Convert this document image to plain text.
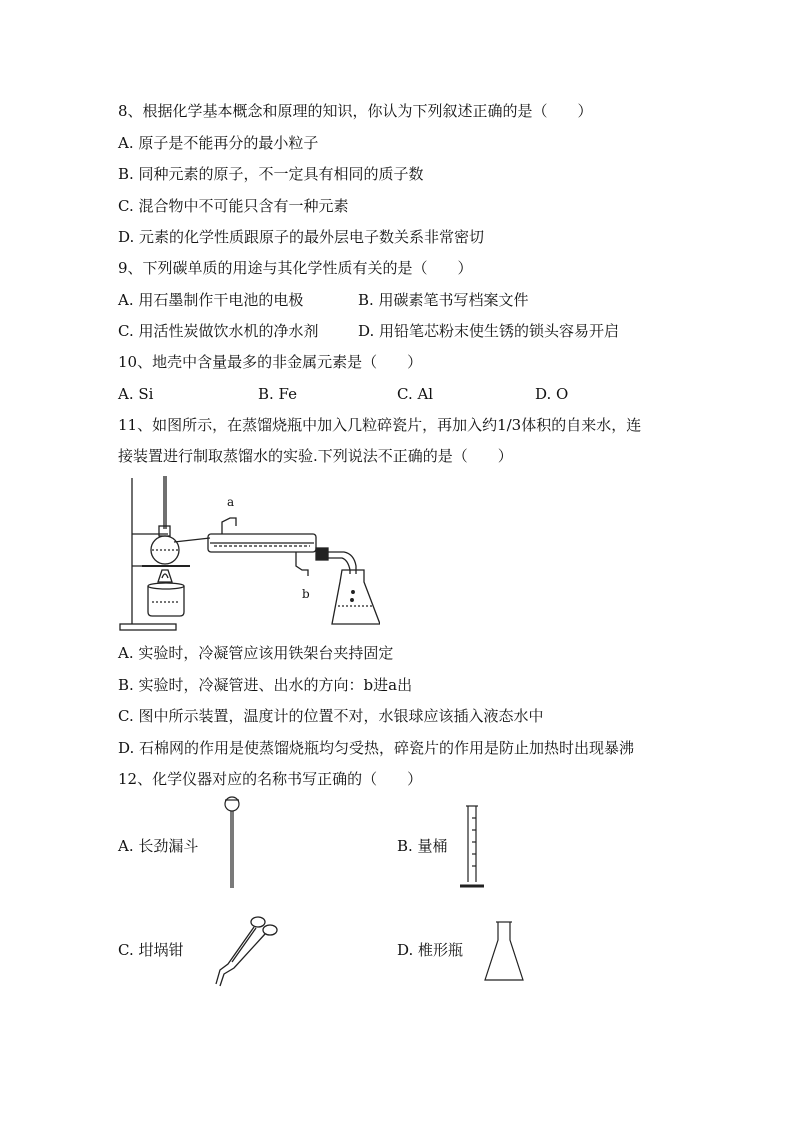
8、根据化学基本概念和原理的知识，你认为下列叙述正确的是（　　）
A. 原子是不能再分的最小粒子
B. 同种元素的原子，不一定具有相同的质子数
C. 混合物中不可能只含有一种元素
D. 元素的化学性质跟原子的最外层电子数关系非常密切
9、下列碳单质的用途与其化学性质有关的是（　　）
A. 用石墨制作干电池的电极	B. 用碳素笔书写档案文件
C. 用活性炭做饮水机的净水剂	D. 用铅笔芯粉末使生锈的锁头容易开启
10、地壳中含量最多的非金属元素是（　　）
A. Si	B. Fe	C. Al	D. O
11、如图所示，在蒸馏烧瓶中加入几粒碎瓷片，再加入约1/3体积的自来水，连
接装置进行制取蒸馏水的实验.下列说法不正确的是（　　）
a
b
A. 实验时，冷凝管应该用铁架台夹持固定
B. 实验时，冷凝管进、出水的方向：b进a出
C. 图中所示装置，温度计的位置不对，水银球应该插入液态水中
D. 石棉网的作用是使蒸馏烧瓶均匀受热，碎瓷片的作用是防止加热时出现暴沸
12、化学仪器对应的名称书写正确的（　　）
A. 长劲漏斗	B. 量桶
C. 坩埚钳	D. 椎形瓶
